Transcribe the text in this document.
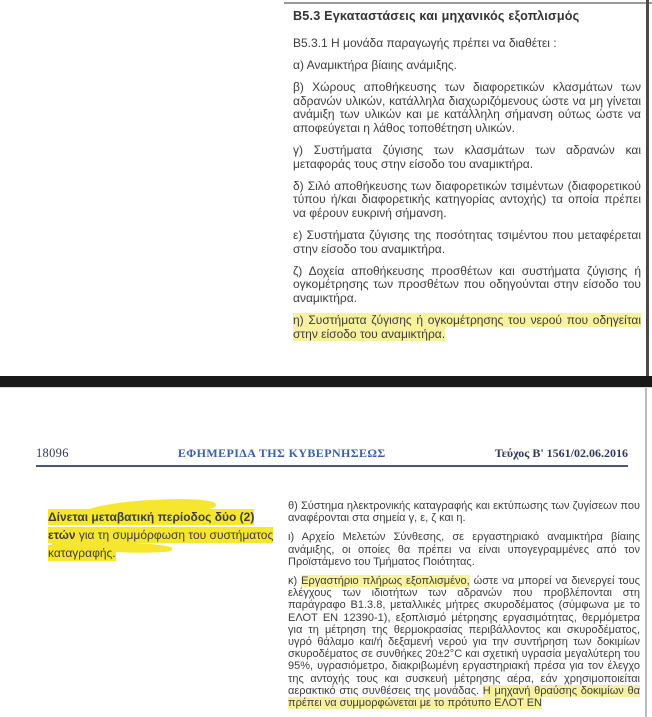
Β5.3 Εγκαταστάσεις και μηχανικός εξοπλισμός

Β5.3.1 Η μονάδα παραγωγής πρέπει να διαθέτει :

α) Αναμικτήρα βίαιης ανάμιξης.

β) Χώρους αποθήκευσης των διαφορετικών κλασμάτων των αδρανών υλικών, κατάλληλα διαχωριζόμενους ώστε να μη γίνεται ανάμιξη των υλικών και με κατάλληλη σήμανση ούτως ώστε να αποφεύγεται η λάθος τοποθέτηση υλικών.

γ) Συστήματα ζύγισης των κλασμάτων των αδρανών και μεταφοράς τους στην είσοδο του αναμικτήρα.

δ) Σιλό αποθήκευσης των διαφορετικών τσιμέντων (διαφορετικού τύπου ή/και διαφορετικής κατηγορίας αντοχής) τα οποία πρέπει να φέρουν ευκρινή σήμανση.

ε) Συστήματα ζύγισης της ποσότητας τσιμέντου που μεταφέρεται στην είσοδο του αναμικτήρα.

ζ) Δοχεία αποθήκευσης προσθέτων και συστήματα ζύγισης ή ογκομέτρησης των προσθέτων που οδηγούνται στην είσοδο του αναμικτήρα.

η) Συστήματα ζύγισης ή ογκομέτρησης του νερού που οδηγείται στην είσοδο του αναμικτήρα.

18096	ΕΦΗΜΕΡΙΔΑ ΤΗΣ ΚΥΒΕΡΝΗΣΕΩΣ	Τεύχος Β' 1561/02.06.2016
Δίνεται μεταβατική περίοδος δύο (2) ετών για τη συμμόρφωση του συστήματος καταγραφής.

θ) Σύστημα ηλεκτρονικής καταγραφής και εκτύπωσης των ζυγίσεων που αναφέρονται στα σημεία γ, ε, ζ και η.

ι) Αρχείο Μελετών Σύνθεσης, σε εργαστηριακό αναμικτήρα βίαιης ανάμιξης, οι οποίες θα πρέπει να είναι υπογεγραμμένες από τον Προϊστάμενο του Τμήματος Ποιότητας.

κ) Εργαστήριο πλήρως εξοπλισμένο, ώστε να μπορεί να διενεργεί τους ελέγχους των ιδιοτήτων των αδρανών που προβλέπονται στη παράγραφο Β1.3.8, μεταλλικές μήτρες σκυροδέματος (σύμφωνα με το ΕΛΟΤ ΕΝ 12390-1), εξοπλισμό μέτρησης εργασιμότητας, θερμόμετρα για τη μέτρηση της θερμοκρασίας περιβάλλοντος και σκυροδέματος, υγρό θάλαμο και/ή δεξαμενή νερού για την συντήρηση των δοκιμίων σκυροδέματος σε συνθήκες 20±2°C και σχετική υγρασία μεγαλύτερη του 95%, υγρασιόμετρο, διακριβωμένη εργαστηριακή πρέσα για τον έλεγχο της αντοχής τους και συσκευή μέτρησης αέρα, εάν χρησιμοποιείται αερακτικό στις συνθέσεις της μονάδας. Η μηχανή θραύσης δοκιμίων θα πρέπει να συμμορφώνεται με το πρότυπο ΕΛΟΤ ΕΝ
